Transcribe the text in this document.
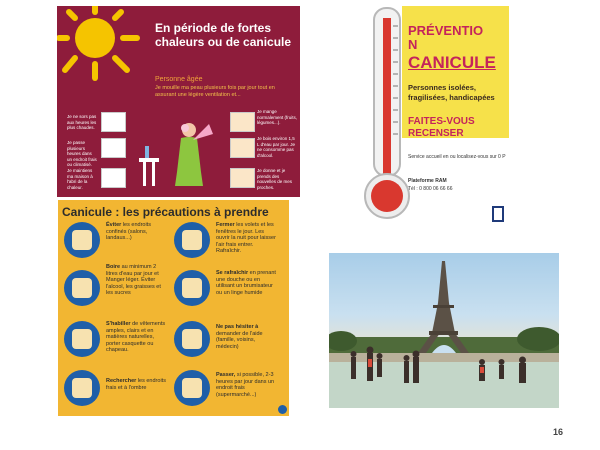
En période de fortes chaleurs ou de canicule
Personne âgée
Je mouille ma peau plusieurs fois par jour tout en assurant une légère ventilation et...
Je ne sors pas aux heures les plus chaudes.
Je passe plusieurs heures dans un endroit frais ou climatisé.
Je maintiens ma maison à l'abri de la chaleur.
Je mange normalement (fruits, légumes...).
Je bois environ 1,5 L d'eau par jour. Je ne consomme pas d'alcool.
Je donne et je prends des nouvelles de mes proches.
PRÉVENTIO
N
CANICULE
Personnes isolées, fragilisées, handicapées
FAITES-VOUS RECENSER
Service accueil en ou localisez-vous sur 0 P
Plateforme RAM
Tél : 0 800 06 66 66
Canicule : les précautions à prendre
Éviter les endroits confinés (salons, landaus...)
Boire au minimum 2 litres d'eau par jour et Manger léger. Éviter l'alcool, les graisses et les sucres
S'habiller de vêtements amples, clairs et en matières naturelles, porter casquette ou chapeau.
Rechercher les endroits frais et à l'ombre
Fermer les volets et les fenêtres le jour. Les ouvrir la nuit pour laisser l'air frais entrer. Rafraîchir.
Se rafraîchir en prenant une douche ou en utilisant un brumisateur ou un linge humide
Ne pas hésiter à demander de l'aide (famille, voisins, médecin)
Passer, si possible, 2-3 heures par jour dans un endroit frais (supermarché...)
16
